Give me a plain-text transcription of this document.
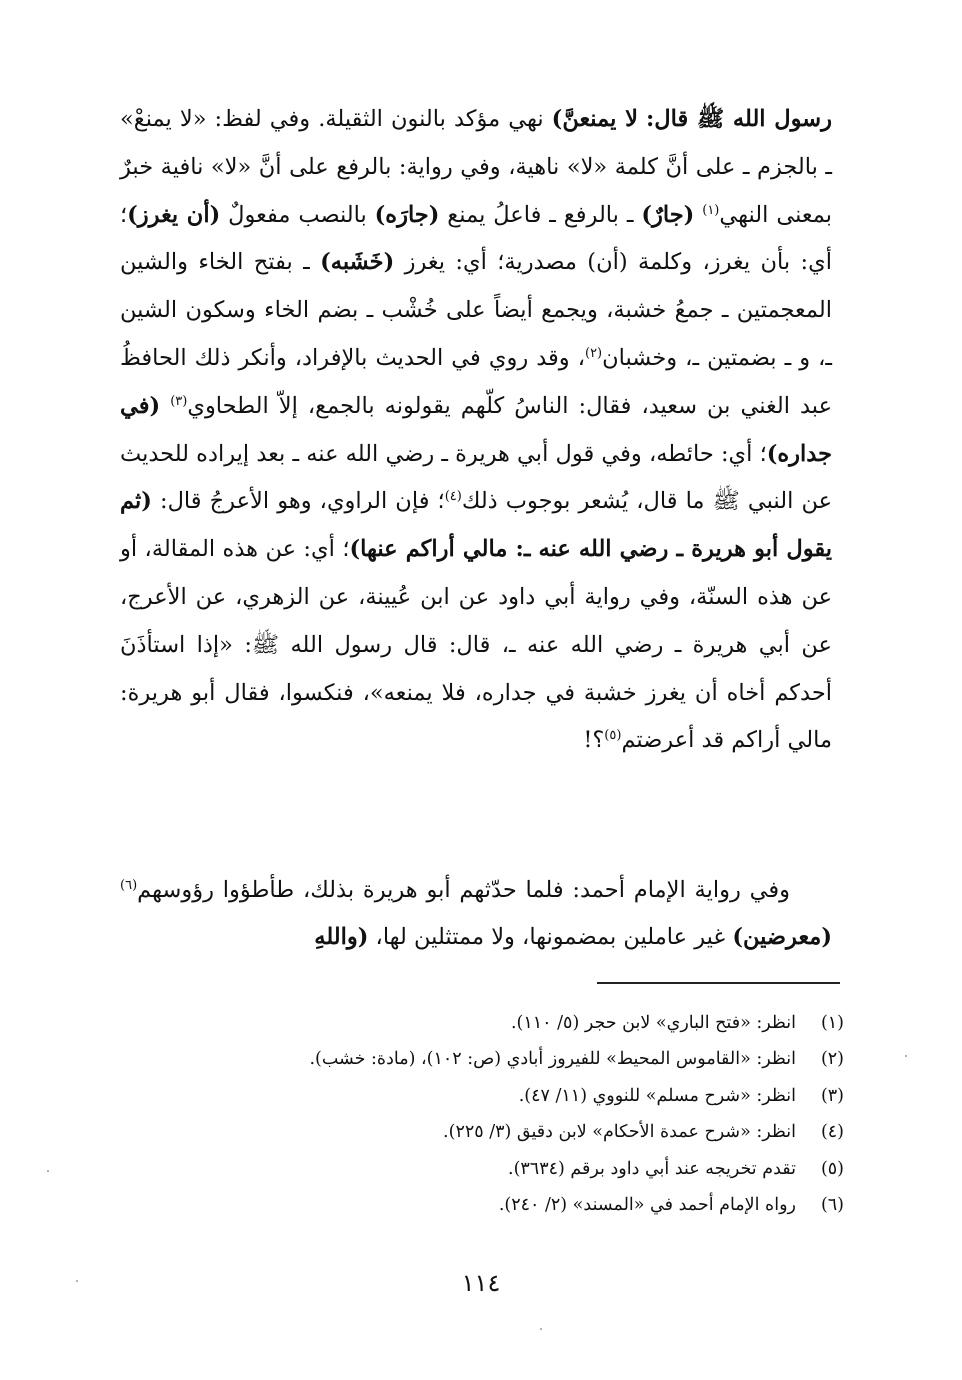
رسول الله ﷺ قال: لا يمنعنَّ) نهي مؤكد بالنون الثقيلة. وفي لفظ: «لا يمنعْ» ـ بالجزم ـ على أنَّ كلمة «لا» ناهية، وفي رواية: بالرفع على أنَّ «لا» نافية خبرٌ بمعنى النهي$^{(١)}$ (جارٌ) ـ بالرفع ـ فاعلُ يمنع (جارَه) بالنصب مفعولٌ (أن يغرز)؛ أي: بأن يغرز، وكلمة (أن) مصدرية؛ أي: يغرز (خَشَبه) ـ بفتح الخاء والشين المعجمتين ـ جمعُ خشبة، ويجمع أيضاً على خُشْب ـ بضم الخاء وسكون الشين ـ، و ـ بضمتين ـ، وخشبان$^{(٢)}$، وقد روي في الحديث بالإفراد، وأنكر ذلك الحافظُ عبد الغني بن سعيد، فقال: الناسُ كلّهم يقولونه بالجمع، إلاّ الطحاوي$^{(٣)}$ (في جداره)؛ أي: حائطه، وفي قول أبي هريرة ـ رضي الله عنه ـ بعد إيراده للحديث عن النبي ﷺ ما قال، يُشعر بوجوب ذلك$^{(٤)}$؛ فإن الراوي، وهو الأعرجُ قال: (ثم يقول أبو هريرة ـ رضي الله عنه ـ: مالي أراكم عنها)؛ أي: عن هذه المقالة، أو عن هذه السنّة، وفي رواية أبي داود عن ابن عُيينة، عن الزهري، عن الأعرج، عن أبي هريرة ـ رضي الله عنه ـ، قال: قال رسول الله ﷺ: «إذا استأذَنَ أحدكم أخاه أن يغرز خشبة في جداره، فلا يمنعه»، فنكسوا، فقال أبو هريرة: مالي أراكم قد أعرضتم$^{(٥)}$؟!

وفي رواية الإمام أحمد: فلما حدّثهم أبو هريرة بذلك، طأطؤوا رؤوسهم$^{(٦)}$ (معرضين) غير عاملين بمضمونها، ولا ممتثلين لها، (واللهِ

(١)
انظر: «فتح الباري» لابن حجر (٥/ ١١٠).
(٢)
انظر: «القاموس المحيط» للفيروز أبادي (ص: ١٠٢)، (مادة: خشب).
(٣)
انظر: «شرح مسلم» للنووي (١١/ ٤٧).
(٤)
انظر: «شرح عمدة الأحكام» لابن دقيق (٣/ ٢٢٥).
(٥)
تقدم تخريجه عند أبي داود برقم (٣٦٣٤).
(٦)
رواه الإمام أحمد في «المسند» (٢/ ٢٤٠).
١١٤
